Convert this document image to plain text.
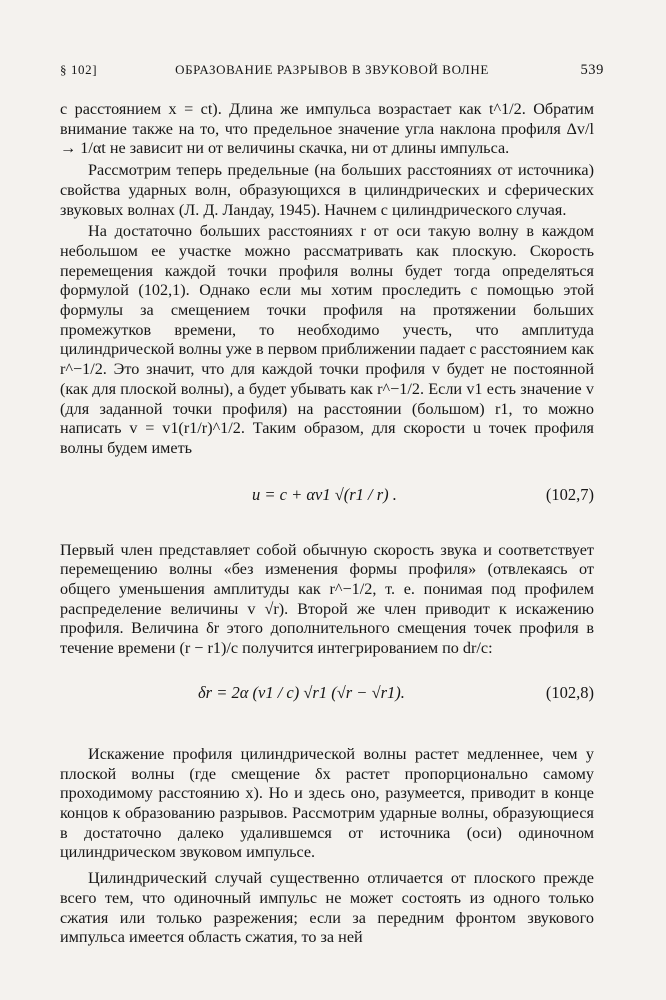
§ 102]	ОБРАЗОВАНИЕ РАЗРЫВОВ В ЗВУКОВОЙ ВОЛНЕ	539

с расстоянием x = ct). Длина же импульса возрастает как t^1/2. Обратим внимание также на то, что предельное значение угла наклона профиля Δv/l → 1/αt не зависит ни от величины скачка, ни от длины импульса.

Рассмотрим теперь предельные (на больших расстояниях от источника) свойства ударных волн, образующихся в цилиндрических и сферических звуковых волнах (Л. Д. Ландау, 1945). Начнем с цилиндрического случая.

На достаточно больших расстояниях r от оси такую волну в каждом небольшом ее участке можно рассматривать как плоскую. Скорость перемещения каждой точки профиля волны будет тогда определяться формулой (102,1). Однако если мы хотим проследить с помощью этой формулы за смещением точки профиля на протяжении больших промежутков времени, то необходимо учесть, что амплитуда цилиндрической волны уже в первом приближении падает с расстоянием как r^−1/2. Это значит, что для каждой точки профиля v будет не постоянной (как для плоской волны), а будет убывать как r^−1/2. Если v1 есть значение v (для заданной точки профиля) на расстоянии (большом) r1, то можно написать v = v1(r1/r)^1/2. Таким образом, для скорости u точек профиля волны будем иметь

u = c + αv1 √(r1 / r) .	(102,7)

Первый член представляет собой обычную скорость звука и соответствует перемещению волны «без изменения формы профиля» (отвлекаясь от общего уменьшения амплитуды как r^−1/2, т. е. понимая под профилем распределение величины v √r). Второй же член приводит к искажению профиля. Величина δr этого дополнительного смещения точек профиля в течение времени (r − r1)/c получится интегрированием по dr/c:

δr = 2α (v1 / c) √r1 (√r − √r1).	(102,8)

Искажение профиля цилиндрической волны растет медленнее, чем у плоской волны (где смещение δx растет пропорционально самому проходимому расстоянию x). Но и здесь оно, разумеется, приводит в конце концов к образованию разрывов. Рассмотрим ударные волны, образующиеся в достаточно далеко удалившемся от источника (оси) одиночном цилиндрическом звуковом импульсе.

Цилиндрический случай существенно отличается от плоского прежде всего тем, что одиночный импульс не может состоять из одного только сжатия или только разрежения; если за передним фронтом звукового импульса имеется область сжатия, то за ней
